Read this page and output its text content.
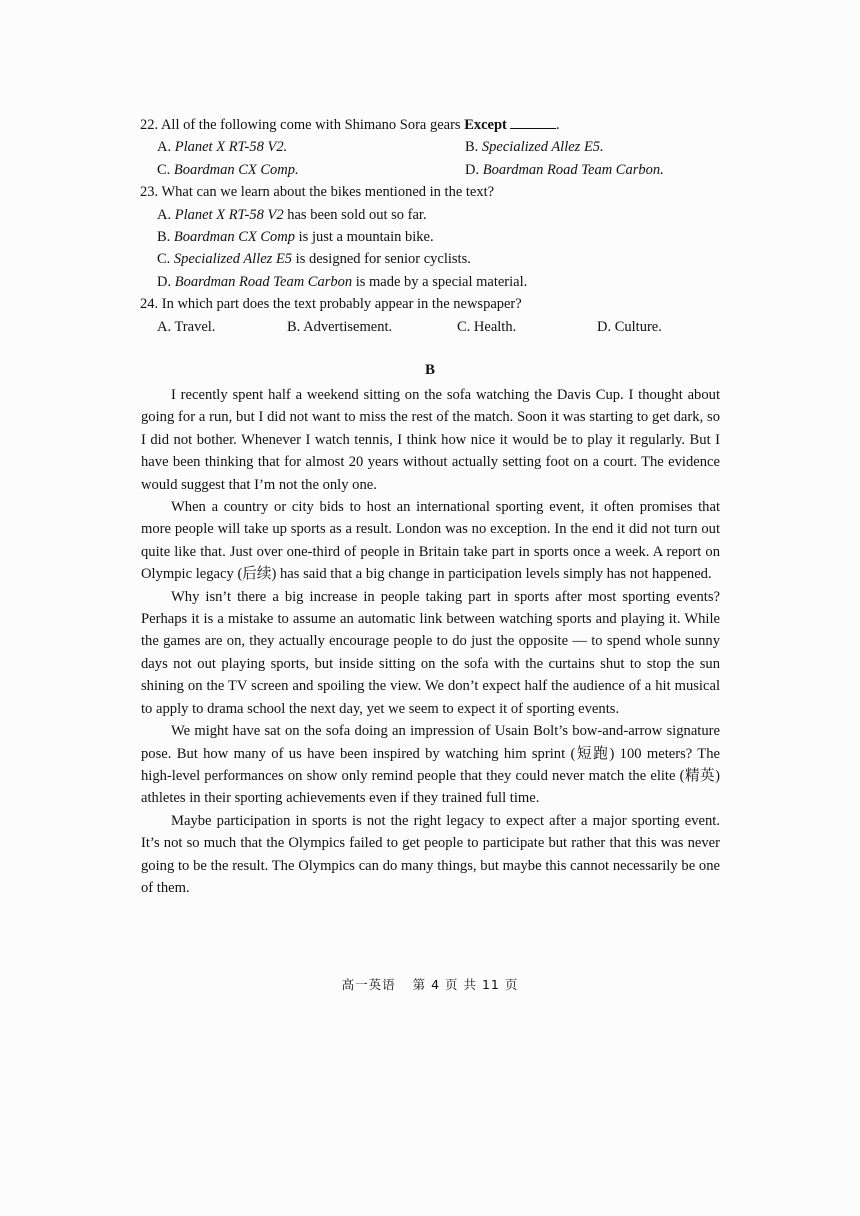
22. All of the following come with Shimano Sora gears Except	.

A. Planet X RT-58 V2.	B. Specialized Allez E5.
C. Boardman CX Comp.	D. Boardman Road Team Carbon.

23. What can we learn about the bikes mentioned in the text?

A. Planet X RT-58 V2 has been sold out so far.

B. Boardman CX Comp is just a mountain bike.

C. Specialized Allez E5 is designed for senior cyclists.

D. Boardman Road Team Carbon is made by a special material.

24. In which part does the text probably appear in the newspaper?

A. Travel.	B. Advertisement.	C. Health.	D. Culture.

B

I recently spent half a weekend sitting on the sofa watching the Davis Cup. I thought about going for a run, but I did not want to miss the rest of the match. Soon it was starting to get dark, so I did not bother. Whenever I watch tennis, I think how nice it would be to play it regularly. But I have been thinking that for almost 20 years without actually setting foot on a court. The evidence would suggest that I’m not the only one.

When a country or city bids to host an international sporting event, it often promises that more people will take up sports as a result. London was no exception. In the end it did not turn out quite like that. Just over one-third of people in Britain take part in sports once a week. A report on Olympic legacy (后续) has said that a big change in participation levels simply has not happened.

Why isn’t there a big increase in people taking part in sports after most sporting events? Perhaps it is a mistake to assume an automatic link between watching sports and playing it. While the games are on, they actually encourage people to do just the opposite — to spend whole sunny days not out playing sports, but inside sitting on the sofa with the curtains shut to stop the sun shining on the TV screen and spoiling the view. We don’t expect half the audience of a hit musical to apply to drama school the next day, yet we seem to expect it of sporting events.

We might have sat on the sofa doing an impression of Usain Bolt’s bow-and-arrow signature pose. But how many of us have been inspired by watching him sprint (短跑) 100 meters? The high-level performances on show only remind people that they could never match the elite (精英) athletes in their sporting achievements even if they trained full time.

Maybe participation in sports is not the right legacy to expect after a major sporting event. It’s not so much that the Olympics failed to get people to participate but rather that this was never going to be the result. The Olympics can do many things, but maybe this cannot necessarily be one of them.

高一英语 第 4 页 共 11 页
